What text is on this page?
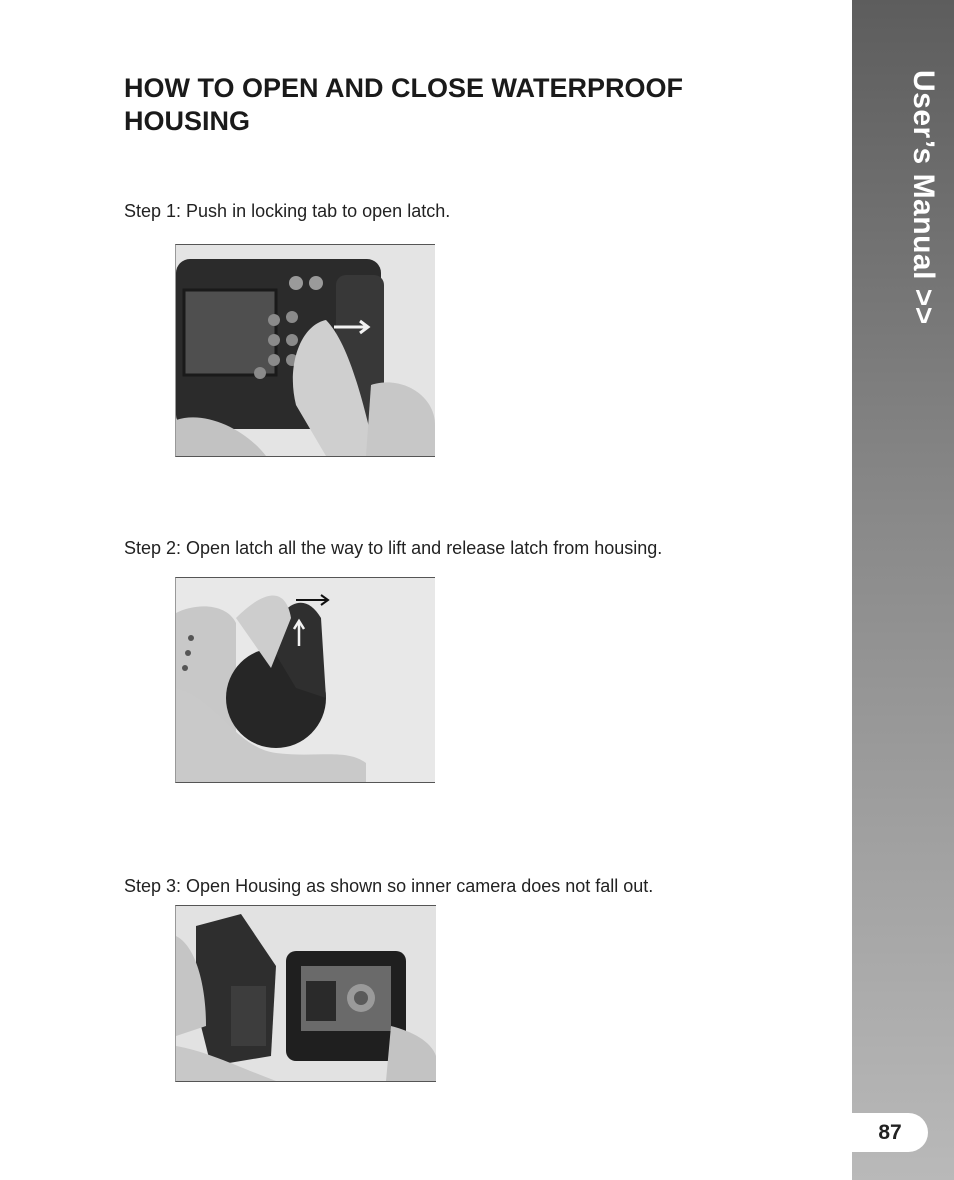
User’s Manual >>
87
HOW TO OPEN AND CLOSE WATERPROOF HOUSING

Step 1: Push in locking tab to open latch.

Step 2: Open latch all the way to lift and release latch from housing.

Step 3: Open Housing as shown so inner camera does not fall out.
